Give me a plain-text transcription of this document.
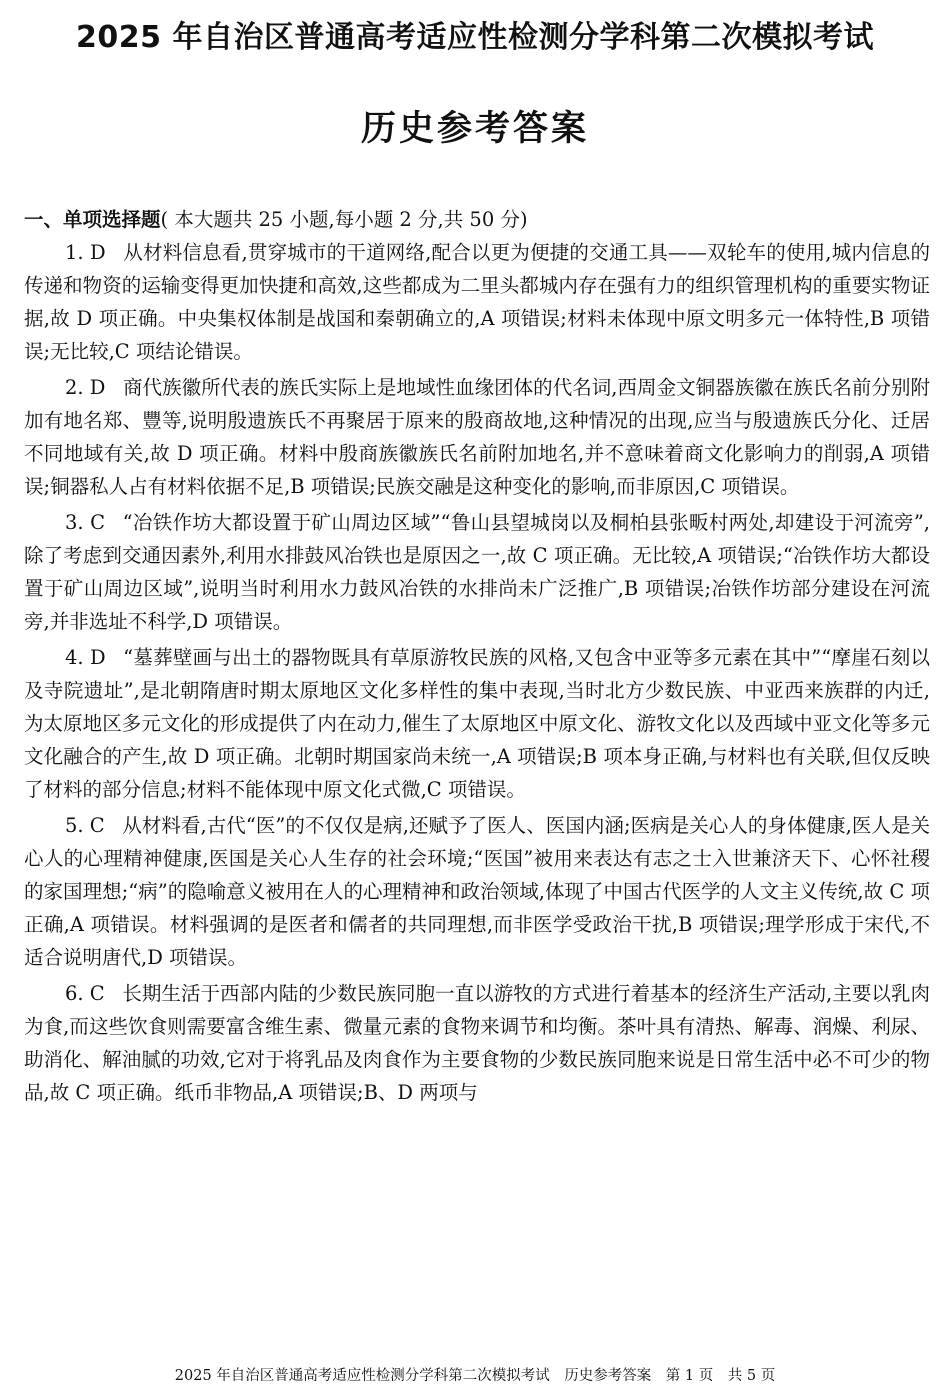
2025 年自治区普通高考适应性检测分学科第二次模拟考试
历史参考答案

一、单项选择题( 本大题共 25 小题,每小题 2 分,共 50 分)

1. D 从材料信息看,贯穿城市的干道网络,配合以更为便捷的交通工具——双轮车的使用,城内信息的传递和物资的运输变得更加快捷和高效,这些都成为二里头都城内存在强有力的组织管理机构的重要实物证据,故 D 项正确。中央集权体制是战国和秦朝确立的,A 项错误;材料未体现中原文明多元一体特性,B 项错误;无比较,C 项结论错误。

2. D 商代族徽所代表的族氏实际上是地域性血缘团体的代名词,西周金文铜器族徽在族氏名前分别附加有地名郑、豐等,说明殷遗族氏不再聚居于原来的殷商故地,这种情况的出现,应当与殷遗族氏分化、迁居不同地域有关,故 D 项正确。材料中殷商族徽族氏名前附加地名,并不意味着商文化影响力的削弱,A 项错误;铜器私人占有材料依据不足,B 项错误;民族交融是这种变化的影响,而非原因,C 项错误。

3. C “冶铁作坊大都设置于矿山周边区域”“鲁山县望城岗以及桐柏县张畈村两处,却建设于河流旁”,除了考虑到交通因素外,利用水排鼓风冶铁也是原因之一,故 C 项正确。无比较,A 项错误;“冶铁作坊大都设置于矿山周边区域”,说明当时利用水力鼓风冶铁的水排尚未广泛推广,B 项错误;冶铁作坊部分建设在河流旁,并非选址不科学,D 项错误。

4. D “墓葬壁画与出土的器物既具有草原游牧民族的风格,又包含中亚等多元素在其中”“摩崖石刻以及寺院遗址”,是北朝隋唐时期太原地区文化多样性的集中表现,当时北方少数民族、中亚西来族群的内迁,为太原地区多元文化的形成提供了内在动力,催生了太原地区中原文化、游牧文化以及西域中亚文化等多元文化融合的产生,故 D 项正确。北朝时期国家尚未统一,A 项错误;B 项本身正确,与材料也有关联,但仅反映了材料的部分信息;材料不能体现中原文化式微,C 项错误。

5. C 从材料看,古代“医”的不仅仅是病,还赋予了医人、医国内涵;医病是关心人的身体健康,医人是关心人的心理精神健康,医国是关心人生存的社会环境;“医国”被用来表达有志之士入世兼济天下、心怀社稷的家国理想;“病”的隐喻意义被用在人的心理精神和政治领域,体现了中国古代医学的人文主义传统,故 C 项正确,A 项错误。材料强调的是医者和儒者的共同理想,而非医学受政治干扰,B 项错误;理学形成于宋代,不适合说明唐代,D 项错误。

6. C 长期生活于西部内陆的少数民族同胞一直以游牧的方式进行着基本的经济生产活动,主要以乳肉为食,而这些饮食则需要富含维生素、微量元素的食物来调节和均衡。茶叶具有清热、解毒、润燥、利尿、助消化、解油腻的功效,它对于将乳品及肉食作为主要食物的少数民族同胞来说是日常生活中必不可少的物品,故 C 项正确。纸币非物品,A 项错误;B、D 两项与

2025 年自治区普通高考适应性检测分学科第二次模拟考试　历史参考答案　第 1 页　共 5 页
